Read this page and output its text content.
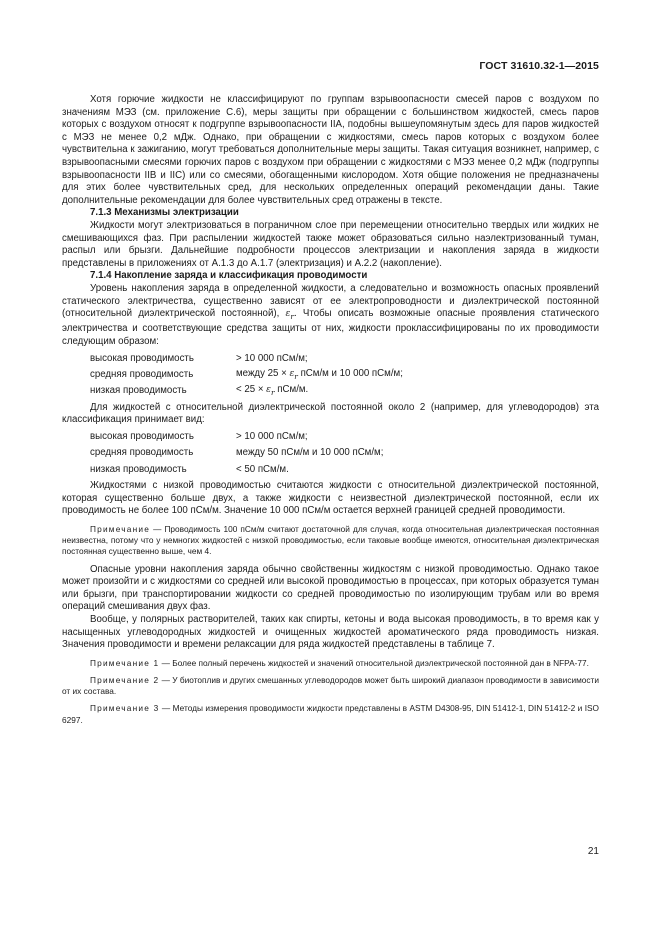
ГОСТ 31610.32-1—2015

Хотя горючие жидкости не классифицируют по группам взрывоопасности смесей паров с воздухом по значениям МЭЗ (см. приложение С.6), меры защиты при обращении с большинством жидкостей, смесь паров которых с воздухом относят к подгруппе взрывоопасности IIA, подобны вышеупомянутым здесь для паров жидкостей с МЭЗ не менее 0,2 мДж. Однако, при обращении с жидкостями, смесь паров которых с воздухом более чувствительна к зажиганию, могут требоваться дополнительные меры защиты. Такая ситуация возникнет, например, с взрывоопасными смесями горючих паров с воздухом при обращении с жидкостями с МЭЗ менее 0,2 мДж (подгруппы взрывоопасности IIB и IIC) или со смесями, обогащенными кислородом. Хотя общие положения не предназначены для этих более чувствительных сред, для нескольких определенных операций рекомендации даны. Такие дополнительные рекомендации для более чувствительных сред отражены в тексте.

7.1.3 Механизмы электризации

Жидкости могут электризоваться в пограничном слое при перемещении относительно твердых или жидких не смешивающихся фаз. При распылении жидкостей также может образоваться сильно наэлектризованный туман, распыл или брызги. Дальнейшие подробности процессов электризации и накопления заряда в жидкости представлены в приложениях от А.1.3 до А.1.7 (электризация) и А.2.2 (накопление).

7.1.4 Накопление заряда и классификация проводимости

Уровень накопления заряда в определенной жидкости, а следовательно и возможность опасных проявлений статического электричества, существенно зависят от ее электропроводности и диэлектрической постоянной (относительной диэлектрической постоянной), $\varepsilon_r$. Чтобы описать возможные опасные проявления статического электричества и соответствующие средства защиты от них, жидкости проклассифицированы по их проводимости следующим образом:

высокая проводимость	> 10 000 пСм/м;
средняя проводимость	между $25 \times \varepsilon_r$ пСм/м и 10 000 пСм/м;
низкая проводимость	< $25 \times \varepsilon_r$ пСм/м.

Для жидкостей с относительной диэлектрической постоянной около 2 (например, для углеводородов) эта классификация принимает вид:

высокая проводимость	> 10 000 пСм/м;
средняя проводимость	между 50 пСм/м и 10 000 пСм/м;
низкая проводимость	< 50 пСм/м.

Жидкостями с низкой проводимостью считаются жидкости с относительной диэлектрической постоянной, которая существенно больше двух, а также жидкости с неизвестной диэлектрической постоянной, если их проводимость не более 100 пСм/м. Значение 10 000 пСм/м остается верхней границей средней проводимости.

Примечание — Проводимость 100 пСм/м считают достаточной для случая, когда относительная диэлектрическая постоянная неизвестна, потому что у немногих жидкостей с низкой проводимостью, если таковые вообще имеются, относительная диэлектрическая постоянная существенно выше, чем 4.

Опасные уровни накопления заряда обычно свойственны жидкостям с низкой проводимостью. Однако такое может произойти и с жидкостями со средней или высокой проводимостью в процессах, при которых образуется туман или брызги, при транспортировании жидкости со средней проводимостью по изолирующим трубам или во время операций смешивания двух фаз.

Вообще, у полярных растворителей, таких как спирты, кетоны и вода высокая проводимость, в то время как у насыщенных углеводородных жидкостей и очищенных жидкостей ароматического ряда проводимость низкая. Значения проводимости и времени релаксации для ряда жидкостей представлены в таблице 7.

Примечание 1 — Более полный перечень жидкостей и значений относительной диэлектрической постоянной дан в NFPA-77.

Примечание 2 — У биотоплив и других смешанных углеводородов может быть широкий диапазон проводимости в зависимости от их состава.

Примечание 3 — Методы измерения проводимости жидкости представлены в ASTM D4308-95, DIN 51412-1, DIN 51412-2 и ISO 6297.

21
